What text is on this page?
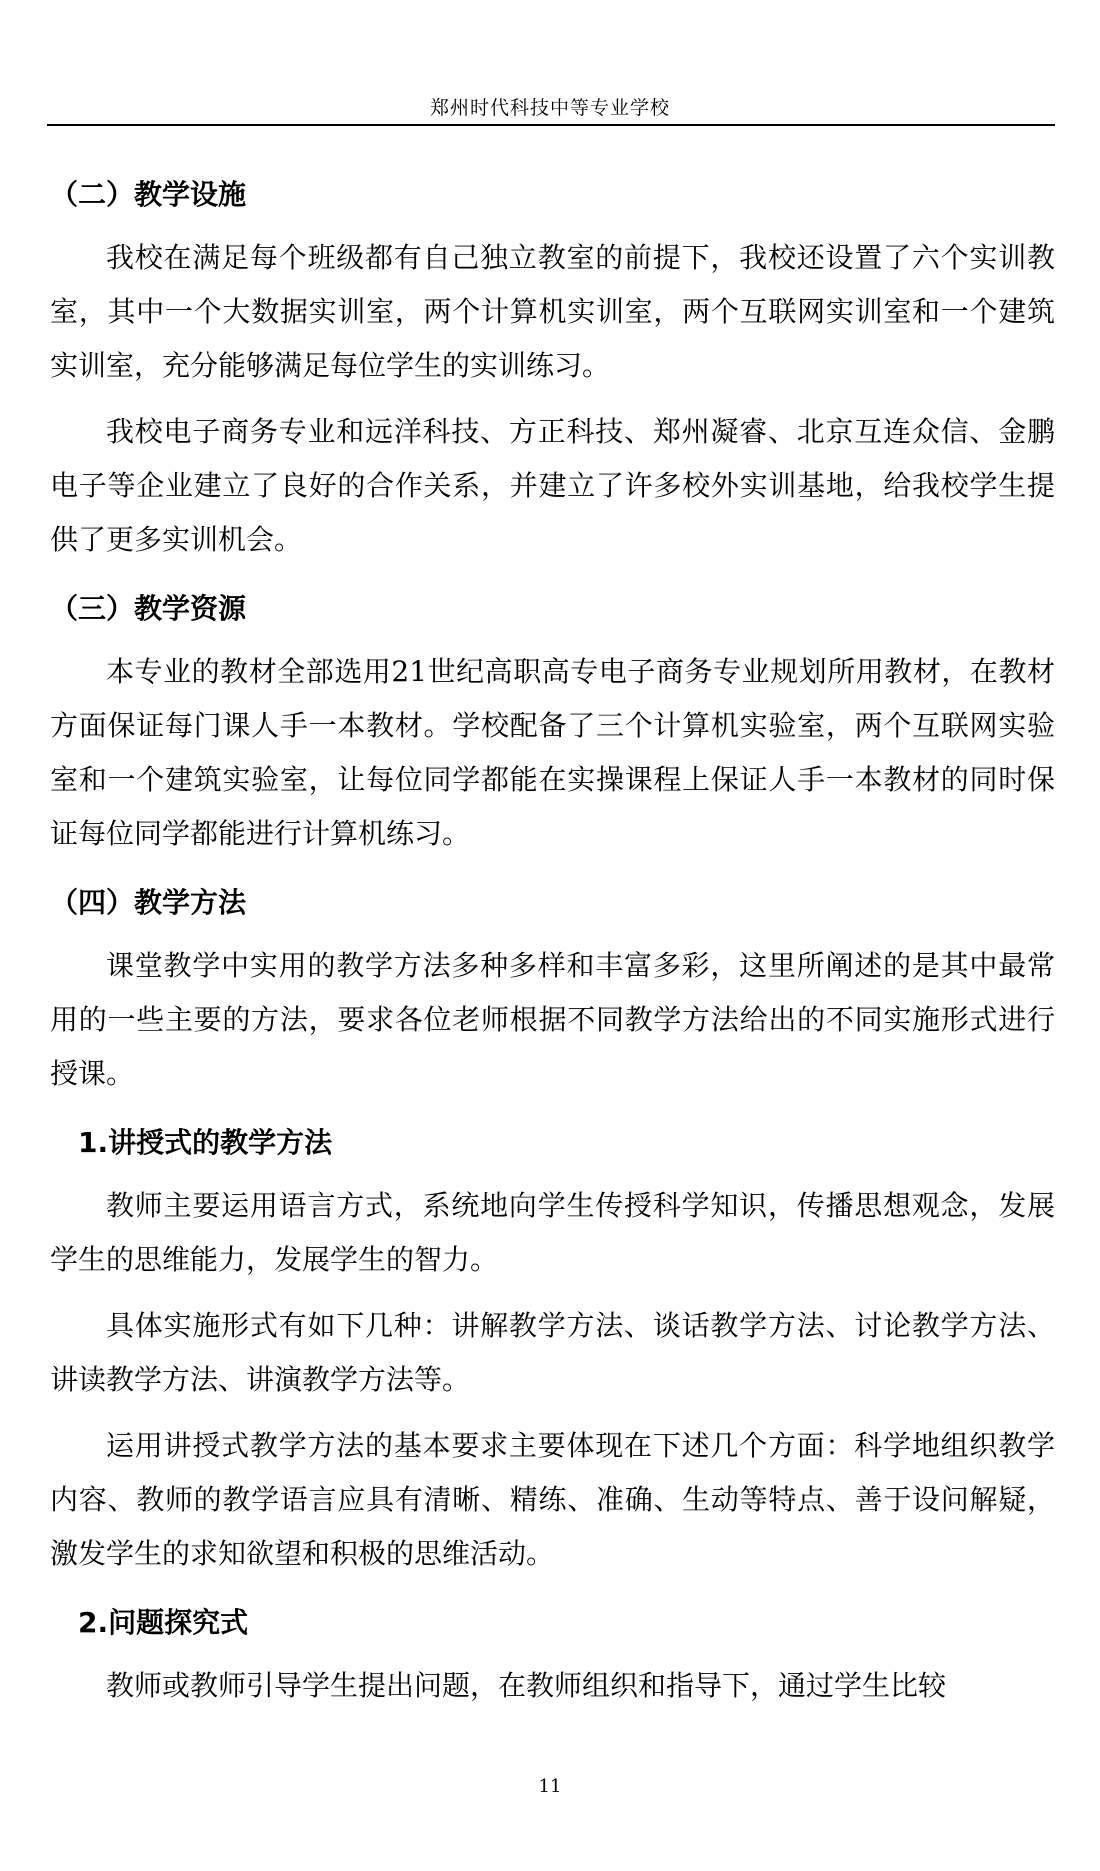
郑州时代科技中等专业学校
（二）教学设施

我校在满足每个班级都有自己独立教室的前提下，我校还设置了六个实训教室，其中一个大数据实训室，两个计算机实训室，两个互联网实训室和一个建筑实训室，充分能够满足每位学生的实训练习。

我校电子商务专业和远洋科技、方正科技、郑州凝睿、北京互连众信、金鹏电子等企业建立了良好的合作关系，并建立了许多校外实训基地，给我校学生提供了更多实训机会。

（三）教学资源

本专业的教材全部选用21世纪高职高专电子商务专业规划所用教材，在教材方面保证每门课人手一本教材。学校配备了三个计算机实验室，两个互联网实验室和一个建筑实验室，让每位同学都能在实操课程上保证人手一本教材的同时保证每位同学都能进行计算机练习。

（四）教学方法

课堂教学中实用的教学方法多种多样和丰富多彩，这里所阐述的是其中最常用的一些主要的方法，要求各位老师根据不同教学方法给出的不同实施形式进行授课。

1.讲授式的教学方法

教师主要运用语言方式，系统地向学生传授科学知识，传播思想观念，发展学生的思维能力，发展学生的智力。

具体实施形式有如下几种：讲解教学方法、谈话教学方法、讨论教学方法、讲读教学方法、讲演教学方法等。

运用讲授式教学方法的基本要求主要体现在下述几个方面：科学地组织教学内容、教师的教学语言应具有清晰、精练、准确、生动等特点、善于设问解疑，激发学生的求知欲望和积极的思维活动。

2.问题探究式

教师或教师引导学生提出问题，在教师组织和指导下，通过学生比较

11
